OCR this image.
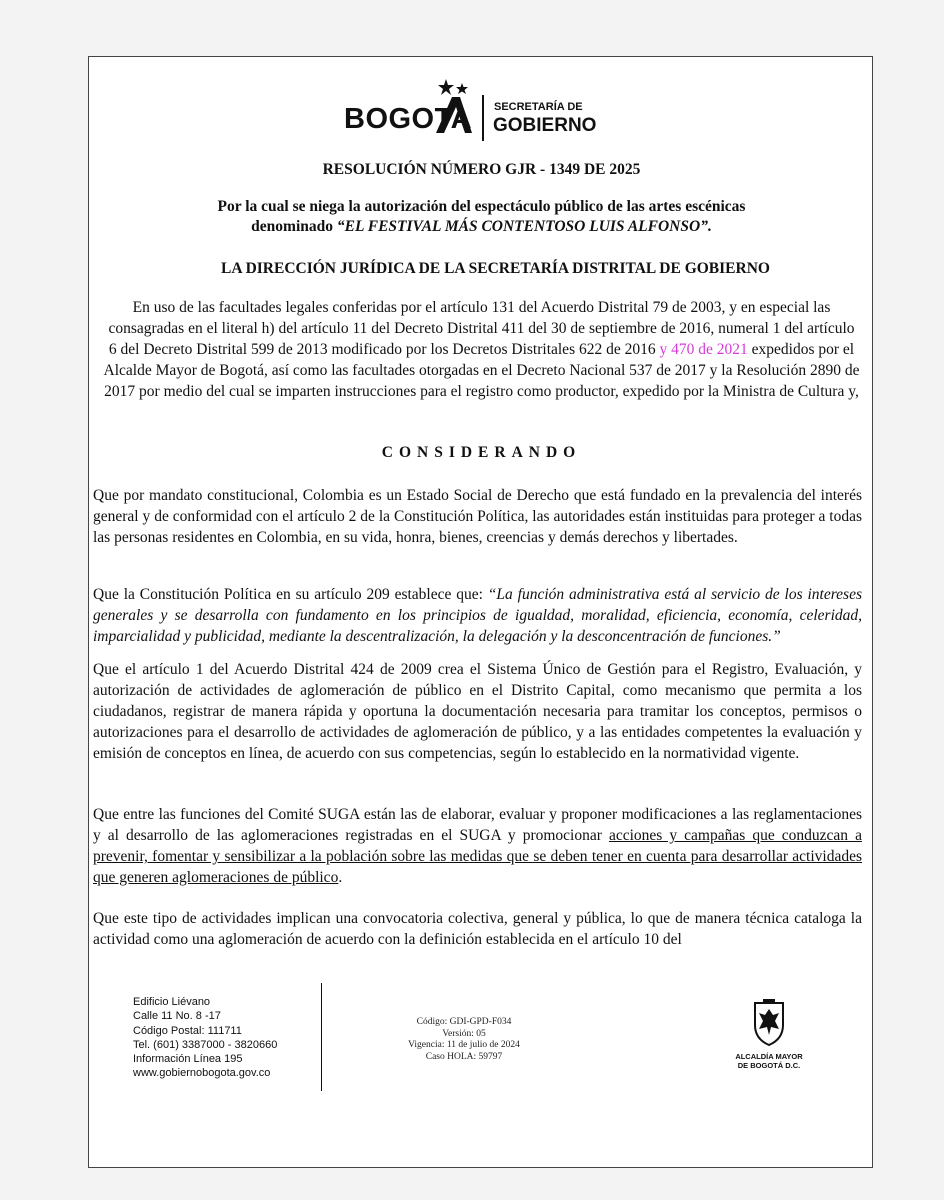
BOGOTA SECRETARÍA DE
GOBIERNO
RESOLUCIÓN NÚMERO GJR - 1349 DE 2025
Por la cual se niega la autorización del espectáculo público de las artes escénicas
denominado “EL FESTIVAL MÁS CONTENTOSO LUIS ALFONSO”.
LA DIRECCIÓN JURÍDICA DE LA SECRETARÍA DISTRITAL DE GOBIERNO
En uso de las facultades legales conferidas por el artículo 131 del Acuerdo Distrital 79 de 2003, y en especial las consagradas en el literal h) del artículo 11 del Decreto Distrital 411 del 30 de septiembre de 2016, numeral 1 del artículo 6 del Decreto Distrital 599 de 2013 modificado por los Decretos Distritales 622 de 2016 y 470 de 2021 expedidos por el Alcalde Mayor de Bogotá, así como las facultades otorgadas en el Decreto Nacional 537 de 2017 y la Resolución 2890 de 2017 por medio del cual se imparten instrucciones para el registro como productor, expedido por la Ministra de Cultura y,
CONSIDERANDO
Que por mandato constitucional, Colombia es un Estado Social de Derecho que está fundado en la prevalencia del interés general y de conformidad con el artículo 2 de la Constitución Política, las autoridades están instituidas para proteger a todas las personas residentes en Colombia, en su vida, honra, bienes, creencias y demás derechos y libertades.
Que la Constitución Política en su artículo 209 establece que: “La función administrativa está al servicio de los intereses generales y se desarrolla con fundamento en los principios de igualdad, moralidad, eficiencia, economía, celeridad, imparcialidad y publicidad, mediante la descentralización, la delegación y la desconcentración de funciones.”
Que el artículo 1 del Acuerdo Distrital 424 de 2009 crea el Sistema Único de Gestión para el Registro, Evaluación, y autorización de actividades de aglomeración de público en el Distrito Capital, como mecanismo que permita a los ciudadanos, registrar de manera rápida y oportuna la documentación necesaria para tramitar los conceptos, permisos o autorizaciones para el desarrollo de actividades de aglomeración de público, y a las entidades competentes la evaluación y emisión de conceptos en línea, de acuerdo con sus competencias, según lo establecido en la normatividad vigente.
Que entre las funciones del Comité SUGA están las de elaborar, evaluar y proponer modificaciones a las reglamentaciones y al desarrollo de las aglomeraciones registradas en el SUGA y promocionar acciones y campañas que conduzcan a prevenir, fomentar y sensibilizar a la población sobre las medidas que se deben tener en cuenta para desarrollar actividades que generen aglomeraciones de público.
Que este tipo de actividades implican una convocatoria colectiva, general y pública, lo que de manera técnica cataloga la actividad como una aglomeración de acuerdo con la definición establecida en el artículo 10 del
Edificio Liévano
Calle 11 No. 8 -17
Código Postal: 111711
Tel. (601) 3387000 - 3820660
Información Línea 195
www.gobiernobogota.gov.co
Código: GDI-GPD-F034
Versión: 05
Vigencia: 11 de julio de 2024
Caso HOLA: 59797	ALCALDÍA MAYOR
DE BOGOTÁ D.C.
